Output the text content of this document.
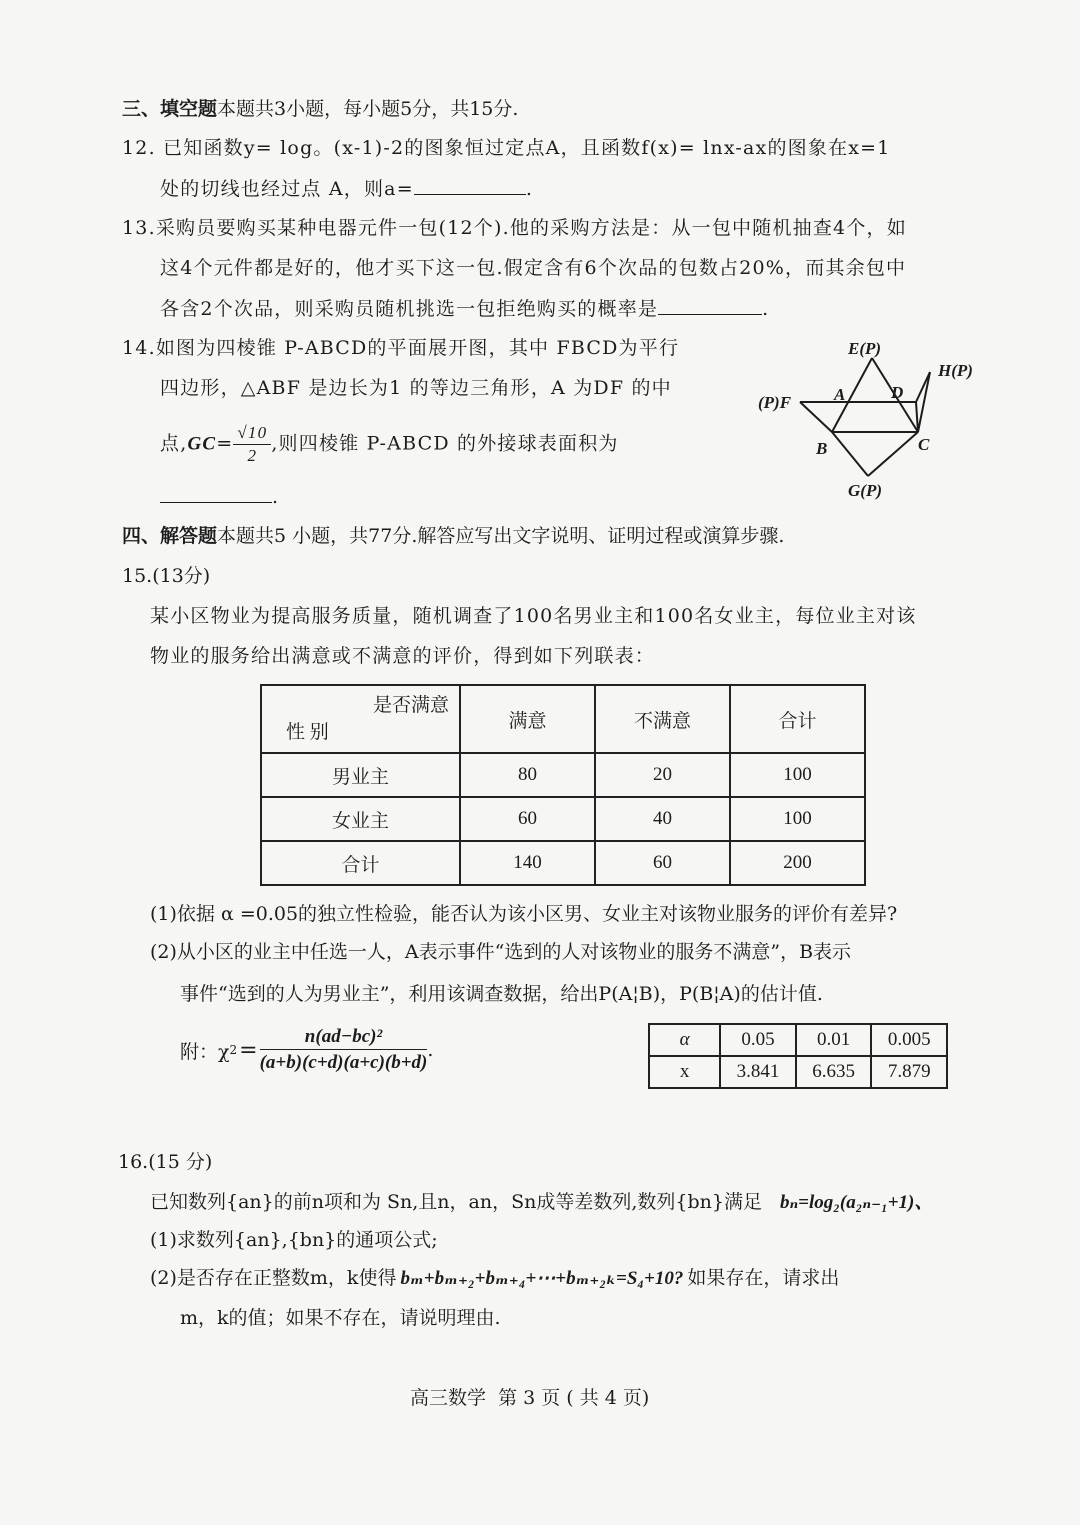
三、填空题本题共3小题，每小题5分，共15分.
12. 已知函数y= log。(x-1)-2的图象恒过定点A，且函数f(x)= lnx-ax的图象在x=1
处的切线也经过点 A，则a=	.
13.采购员要购买某种电器元件一包(12个).他的采购方法是：从一包中随机抽查4个，如
这4个元件都是好的，他才买下这一包.假定含有6个次品的包数占20%，而其余包中
各含2个次品，则采购员随机挑选一包拒绝购买的概率是	.
14.如图为四棱锥 P-ABCD的平面展开图，其中 FBCD为平行
四边形，△ABF 是边长为1 的等边三角形，A 为DF 的中
点$,GC= \frac{√10}{2}$ ,则四棱锥 P-ABCD 的外接球表面积为
.
E(P)
H(P)
(P)F	A	D
B	C
G(P)
四、解答题本题共5 小题，共77分.解答应写出文字说明、证明过程或演算步骤.
15.(13分)
某小区物业为提高服务质量，随机调查了100名男业主和100名女业主，每位业主对该
物业的服务给出满意或不满意的评价，得到如下列联表：
是否满意
性 别	满意	不满意	合计
男业主	80	20	100
女业主	60	40	100
合计	140	60	200
(1)依据 α =0.05的独立性检验，能否认为该小区男、女业主对该物业服务的评价有差异?
(2)从小区的业主中任选一人，A表示事件“选到的人对该物业的服务不满意”，B表示
事件“选到的人为男业主”，利用该调查数据，给出P(A¦B)，P(B¦A)的估计值.
附：χ $2 = \frac{\text{n(ad−bc)²}}{(a+b)(c+d)(a+c)(b+d)}$ .	α	0.05	0.01	0.005
x	3.841	6.635	7.879
16.(15 分)
已知数列{an}的前n项和为 Sn,且n，an，Sn成等差数列,数列{bn}满足 bₙ=log₂(a₂ₙ₋₁+1)、
(1)求数列{an},{bn}的通项公式;
(2)是否存在正整数m，k使得 bₘ+bₘ₊₂+bₘ₊₄+⋯+bₘ₊₂ₖ=S₄+10? 如果存在，请求出
m，k的值；如果不存在，请说明理由.
高三数学  第 3 页 ( 共 4 页)
